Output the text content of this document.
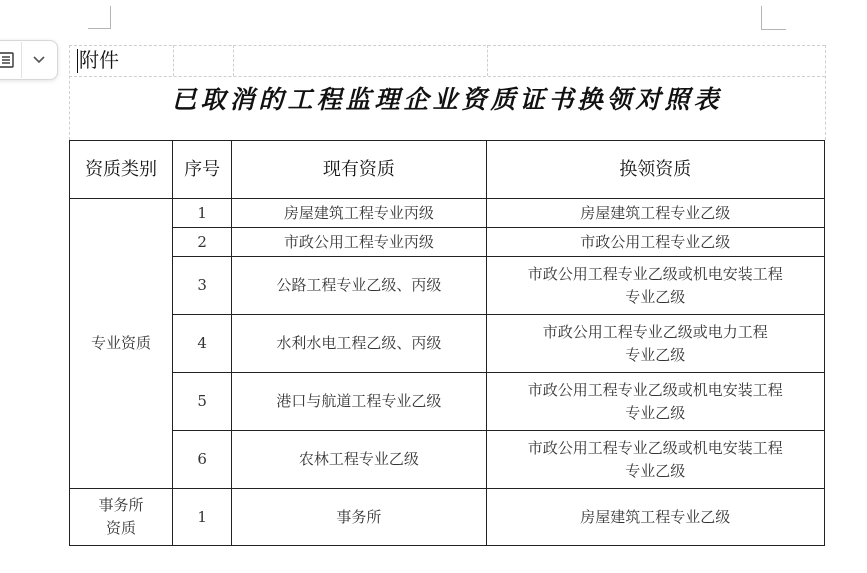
附件
已取消的工程监理企业资质证书换领对照表
资质类别	序号	现有资质	换领资质
专业资质	1	房屋建筑工程专业丙级	房屋建筑工程专业乙级
	2	市政公用工程专业丙级	市政公用工程专业乙级
	3	公路工程专业乙级、丙级	市政公用工程专业乙级或机电安装工程
专业乙级

	4	水利水电工程乙级、丙级	市政公用工程专业乙级或电力工程
专业乙级

	5	港口与航道工程专业乙级	市政公用工程专业乙级或机电安装工程
专业乙级

	6	农林工程专业乙级	市政公用工程专业乙级或机电安装工程
专业乙级

事务所
资质	1	事务所	房屋建筑工程专业乙级
